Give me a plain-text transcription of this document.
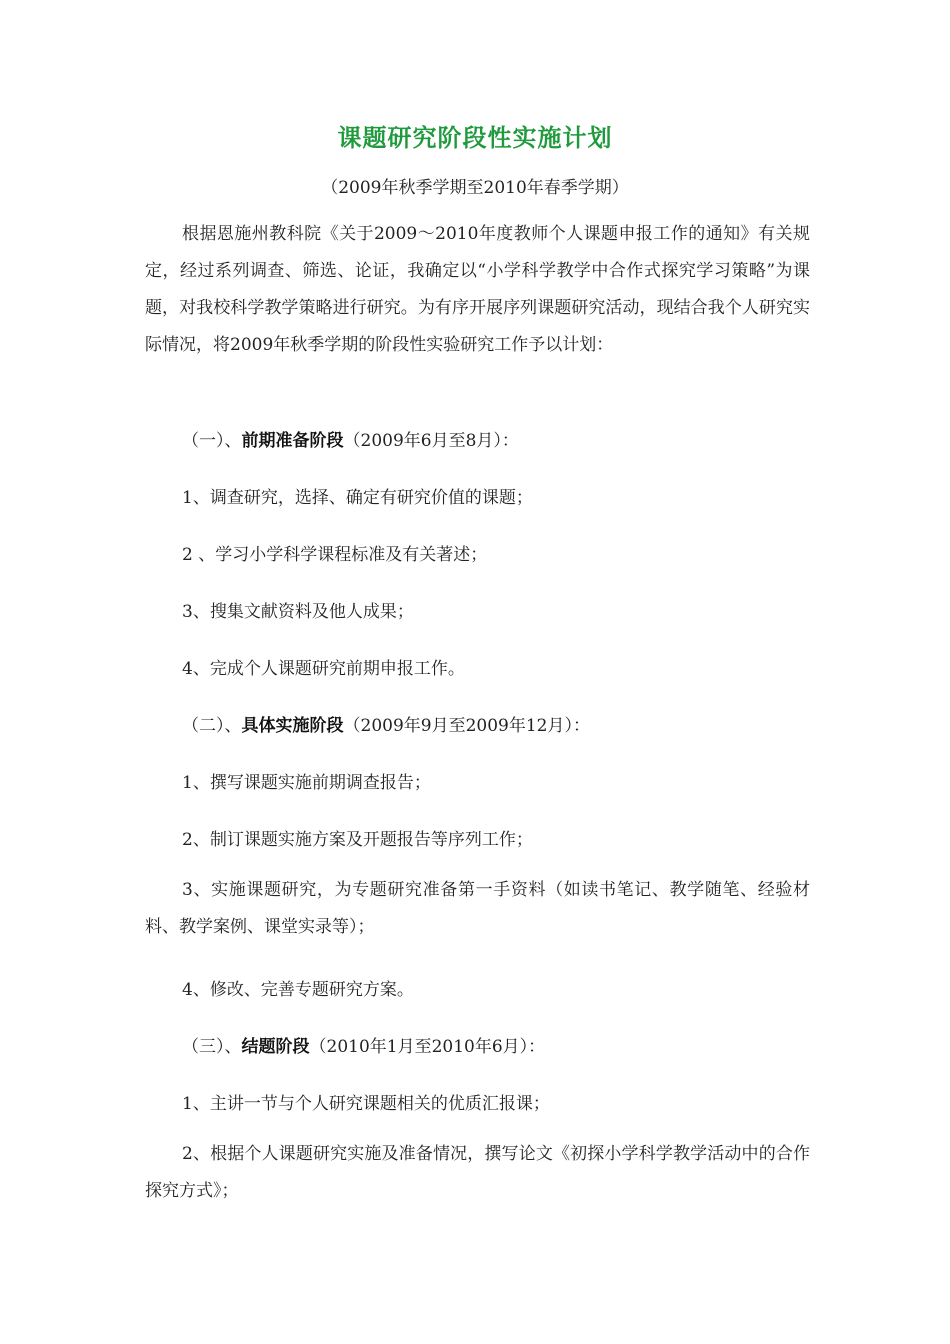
课题研究阶段性实施计划
（2009年秋季学期至2010年春季学期）
根据恩施州教科院《关于2009～2010年度教师个人课题申报工作的通知》有关规定，经过系列调查、筛选、论证，我确定以“小学科学教学中合作式探究学习策略”为课题，对我校科学教学策略进行研究。为有序开展序列课题研究活动，现结合我个人研究实际情况，将2009年秋季学期的阶段性实验研究工作予以计划：
（一）、前期准备阶段（2009年6月至8月）：
1、调查研究，选择、确定有研究价值的课题；
2 、学习小学科学课程标准及有关著述；
3、搜集文献资料及他人成果；
4、完成个人课题研究前期申报工作。
（二）、具体实施阶段（2009年9月至2009年12月）：
1、撰写课题实施前期调查报告；
2、制订课题实施方案及开题报告等序列工作；
3、实施课题研究，为专题研究准备第一手资料（如读书笔记、教学随笔、经验材料、教学案例、课堂实录等）；
4、修改、完善专题研究方案。
（三）、结题阶段（2010年1月至2010年6月）：
1、主讲一节与个人研究课题相关的优质汇报课；
2、根据个人课题研究实施及准备情况，撰写论文《初探小学科学教学活动中的合作探究方式》；
